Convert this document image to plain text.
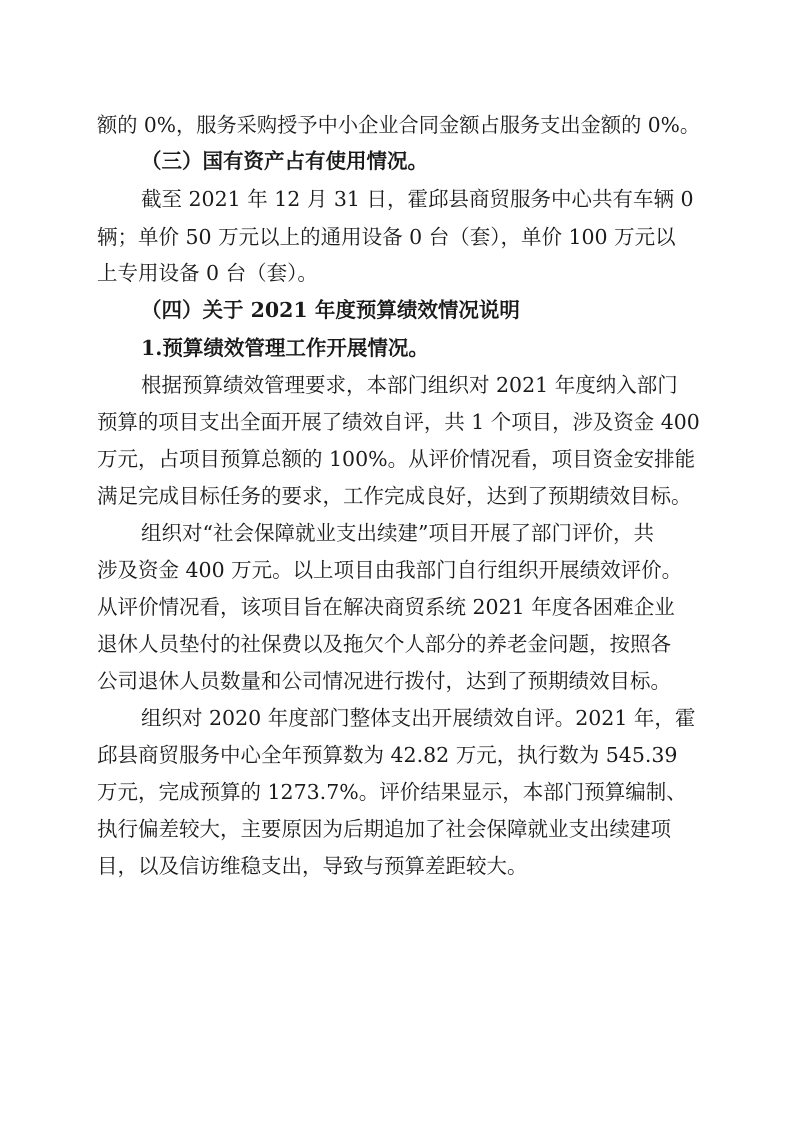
额的 0%，服务采购授予中小企业合同金额占服务支出金额的 0%。
（三）国有资产占有使用情况。
截至 2021 年 12 月 31 日，霍邱县商贸服务中心共有车辆 0
辆；单价 50 万元以上的通用设备 0 台（套），单价 100 万元以
上专用设备 0 台（套）。
（四）关于 2021 年度预算绩效情况说明
1.预算绩效管理工作开展情况。
根据预算绩效管理要求，本部门组织对 2021 年度纳入部门
预算的项目支出全面开展了绩效自评，共 1 个项目，涉及资金 400
万元，占项目预算总额的 100%。从评价情况看，项目资金安排能
满足完成目标任务的要求，工作完成良好，达到了预期绩效目标。
组织对“社会保障就业支出续建”项目开展了部门评价，共
涉及资金 400 万元。以上项目由我部门自行组织开展绩效评价。
从评价情况看，该项目旨在解决商贸系统 2021 年度各困难企业
退休人员垫付的社保费以及拖欠个人部分的养老金问题，按照各
公司退休人员数量和公司情况进行拨付，达到了预期绩效目标。
组织对 2020 年度部门整体支出开展绩效自评。2021 年，霍
邱县商贸服务中心全年预算数为 42.82 万元，执行数为 545.39
万元，完成预算的 1273.7%。评价结果显示，本部门预算编制、
执行偏差较大，主要原因为后期追加了社会保障就业支出续建项
目，以及信访维稳支出，导致与预算差距较大。
